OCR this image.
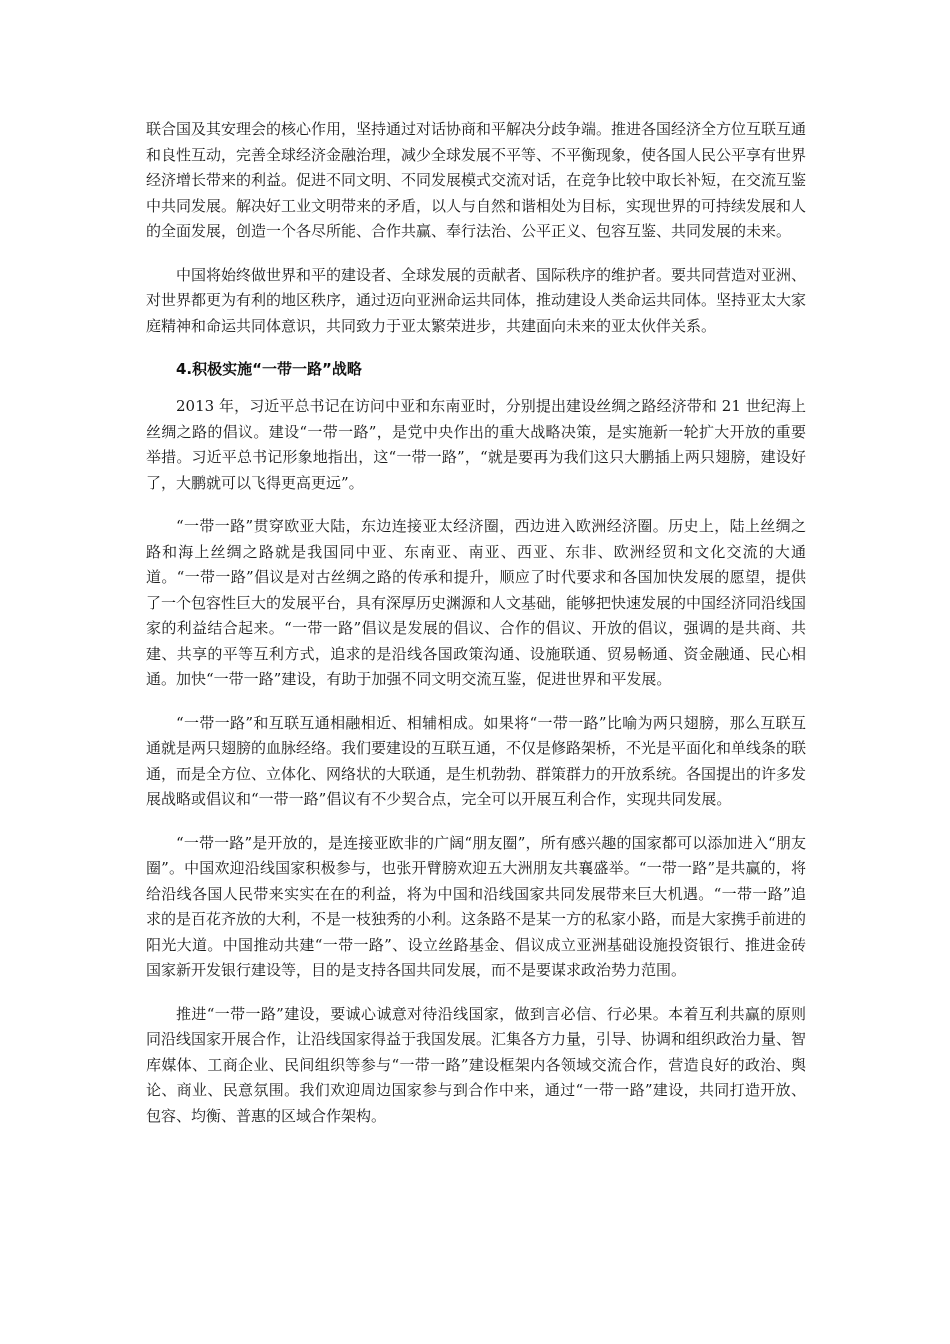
联合国及其安理会的核心作用，坚持通过对话协商和平解决分歧争端。推进各国经济全方位互联互通和良性互动，完善全球经济金融治理，减少全球发展不平等、不平衡现象，使各国人民公平享有世界经济增长带来的利益。促进不同文明、不同发展模式交流对话，在竞争比较中取长补短，在交流互鉴中共同发展。解决好工业文明带来的矛盾，以人与自然和谐相处为目标，实现世界的可持续发展和人的全面发展，创造一个各尽所能、合作共赢、奉行法治、公平正义、包容互鉴、共同发展的未来。

中国将始终做世界和平的建设者、全球发展的贡献者、国际秩序的维护者。要共同营造对亚洲、对世界都更为有利的地区秩序，通过迈向亚洲命运共同体，推动建设人类命运共同体。坚持亚太大家庭精神和命运共同体意识，共同致力于亚太繁荣进步，共建面向未来的亚太伙伴关系。

4.积极实施“一带一路”战略

2013 年，习近平总书记在访问中亚和东南亚时，分别提出建设丝绸之路经济带和 21 世纪海上丝绸之路的倡议。建设“一带一路”，是党中央作出的重大战略决策，是实施新一轮扩大开放的重要举措。习近平总书记形象地指出，这“一带一路”，“就是要再为我们这只大鹏插上两只翅膀，建设好了，大鹏就可以飞得更高更远”。

“一带一路”贯穿欧亚大陆，东边连接亚太经济圈，西边进入欧洲经济圈。历史上，陆上丝绸之路和海上丝绸之路就是我国同中亚、东南亚、南亚、西亚、东非、欧洲经贸和文化交流的大通道。“一带一路”倡议是对古丝绸之路的传承和提升，顺应了时代要求和各国加快发展的愿望，提供了一个包容性巨大的发展平台，具有深厚历史渊源和人文基础，能够把快速发展的中国经济同沿线国家的利益结合起来。“一带一路”倡议是发展的倡议、合作的倡议、开放的倡议，强调的是共商、共建、共享的平等互利方式，追求的是沿线各国政策沟通、设施联通、贸易畅通、资金融通、民心相通。加快“一带一路”建设，有助于加强不同文明交流互鉴，促进世界和平发展。

“一带一路”和互联互通相融相近、相辅相成。如果将“一带一路”比喻为两只翅膀，那么互联互通就是两只翅膀的血脉经络。我们要建设的互联互通，不仅是修路架桥，不光是平面化和单线条的联通，而是全方位、立体化、网络状的大联通，是生机勃勃、群策群力的开放系统。各国提出的许多发展战略或倡议和“一带一路”倡议有不少契合点，完全可以开展互利合作，实现共同发展。

“一带一路”是开放的，是连接亚欧非的广阔“朋友圈”，所有感兴趣的国家都可以添加进入“朋友圈”。中国欢迎沿线国家积极参与，也张开臂膀欢迎五大洲朋友共襄盛举。“一带一路”是共赢的，将给沿线各国人民带来实实在在的利益，将为中国和沿线国家共同发展带来巨大机遇。“一带一路”追求的是百花齐放的大利，不是一枝独秀的小利。这条路不是某一方的私家小路，而是大家携手前进的阳光大道。中国推动共建“一带一路”、设立丝路基金、倡议成立亚洲基础设施投资银行、推进金砖国家新开发银行建设等，目的是支持各国共同发展，而不是要谋求政治势力范围。

推进“一带一路”建设，要诚心诚意对待沿线国家，做到言必信、行必果。本着互利共赢的原则同沿线国家开展合作，让沿线国家得益于我国发展。汇集各方力量，引导、协调和组织政治力量、智库媒体、工商企业、民间组织等参与“一带一路”建设框架内各领域交流合作，营造良好的政治、舆论、商业、民意氛围。我们欢迎周边国家参与到合作中来，通过“一带一路”建设，共同打造开放、包容、均衡、普惠的区域合作架构。
